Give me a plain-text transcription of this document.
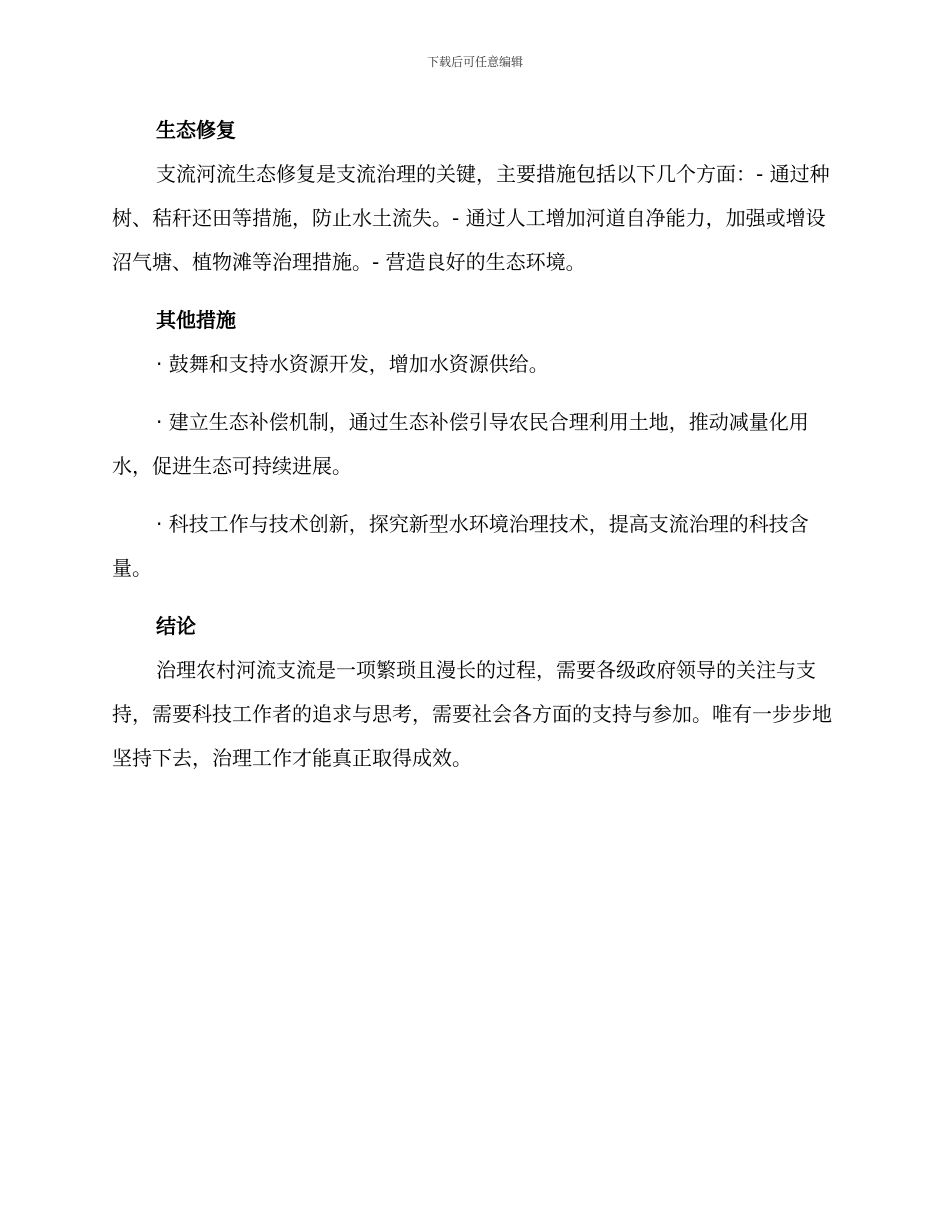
下载后可任意编辑
生态修复

支流河流生态修复是支流治理的关键，主要措施包括以下几个方面：- 通过种树、秸秆还田等措施，防止水土流失。- 通过人工增加河道自净能力，加强或增设沼气塘、植物滩等治理措施。- 营造良好的生态环境。

其他措施

· 鼓舞和支持水资源开发，增加水资源供给。

· 建立生态补偿机制，通过生态补偿引导农民合理利用土地，推动减量化用水，促进生态可持续进展。

· 科技工作与技术创新，探究新型水环境治理技术，提高支流治理的科技含量。

结论

治理农村河流支流是一项繁琐且漫长的过程，需要各级政府领导的关注与支持，需要科技工作者的追求与思考，需要社会各方面的支持与参加。唯有一步步地坚持下去，治理工作才能真正取得成效。
